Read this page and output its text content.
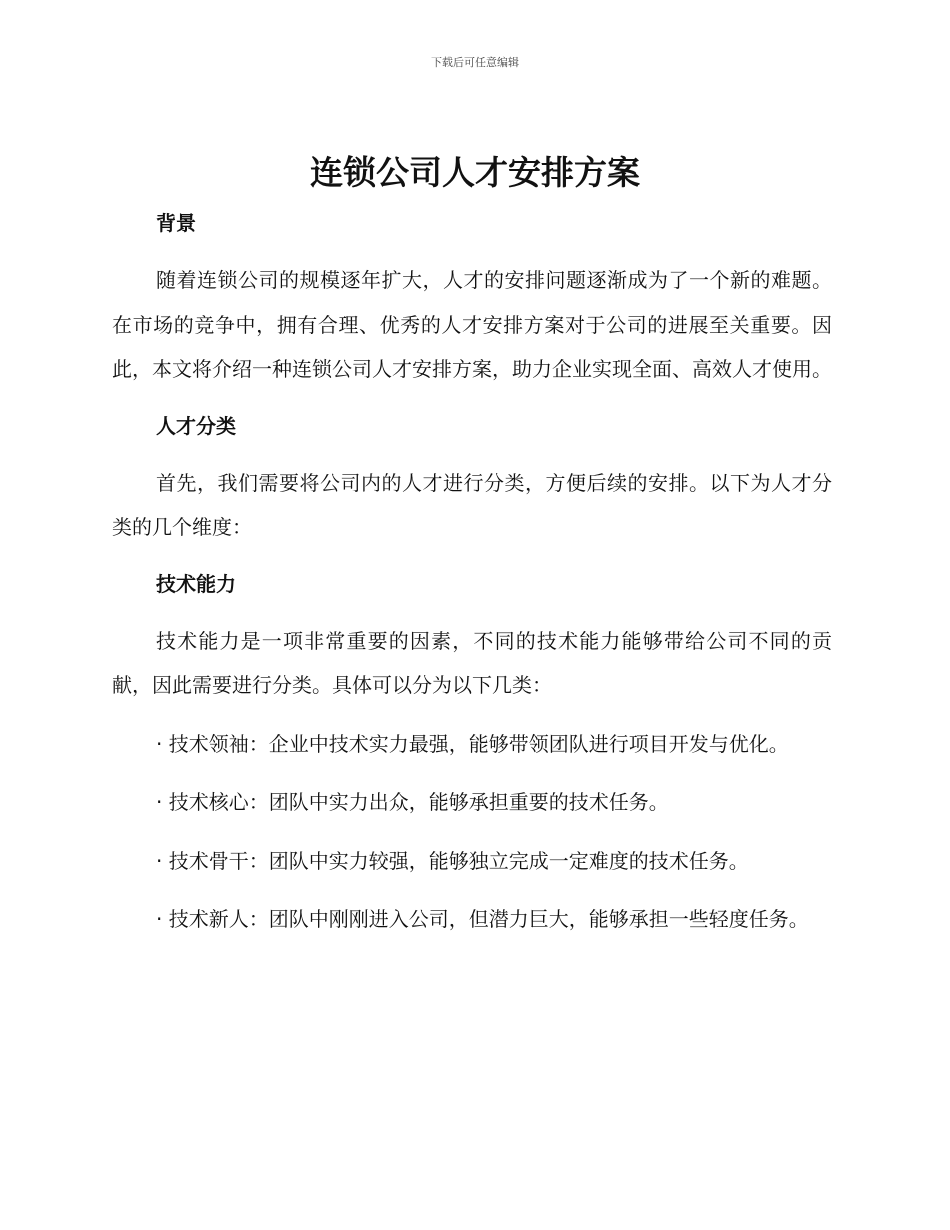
下载后可任意编辑
连锁公司人才安排方案
背景

随着连锁公司的规模逐年扩大，人才的安排问题逐渐成为了一个新的难题。在市场的竞争中，拥有合理、优秀的人才安排方案对于公司的进展至关重要。因此，本文将介绍一种连锁公司人才安排方案，助力企业实现全面、高效人才使用。

人才分类

首先，我们需要将公司内的人才进行分类，方便后续的安排。以下为人才分类的几个维度：

技术能力

技术能力是一项非常重要的因素，不同的技术能力能够带给公司不同的贡献，因此需要进行分类。具体可以分为以下几类：

· 技术领袖：企业中技术实力最强，能够带领团队进行项目开发与优化。

· 技术核心：团队中实力出众，能够承担重要的技术任务。

· 技术骨干：团队中实力较强，能够独立完成一定难度的技术任务。

· 技术新人：团队中刚刚进入公司，但潜力巨大，能够承担一些轻度任务。
